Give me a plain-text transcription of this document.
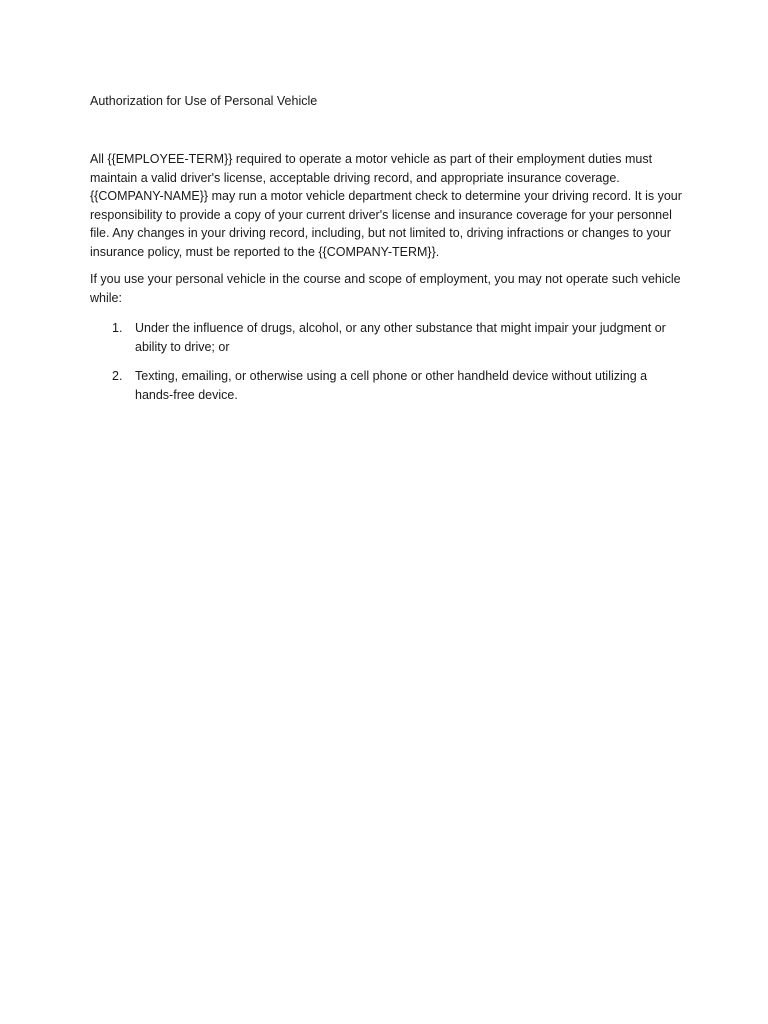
Authorization for Use of Personal Vehicle

All {{EMPLOYEE-TERM}} required to operate a motor vehicle as part of their employment duties must maintain a valid driver's license, acceptable driving record, and appropriate insurance coverage. {{COMPANY-NAME}} may run a motor vehicle department check to determine your driving record. It is your responsibility to provide a copy of your current driver's license and insurance coverage for your personnel file. Any changes in your driving record, including, but not limited to, driving infractions or changes to your insurance policy, must be reported to the {{COMPANY-TERM}}.

If you use your personal vehicle in the course and scope of employment, you may not operate such vehicle while:

1.	Under the influence of drugs, alcohol, or any other substance that might impair your judgment or ability to drive; or
2.	Texting, emailing, or otherwise using a cell phone or other handheld device without utilizing a hands-free device.
